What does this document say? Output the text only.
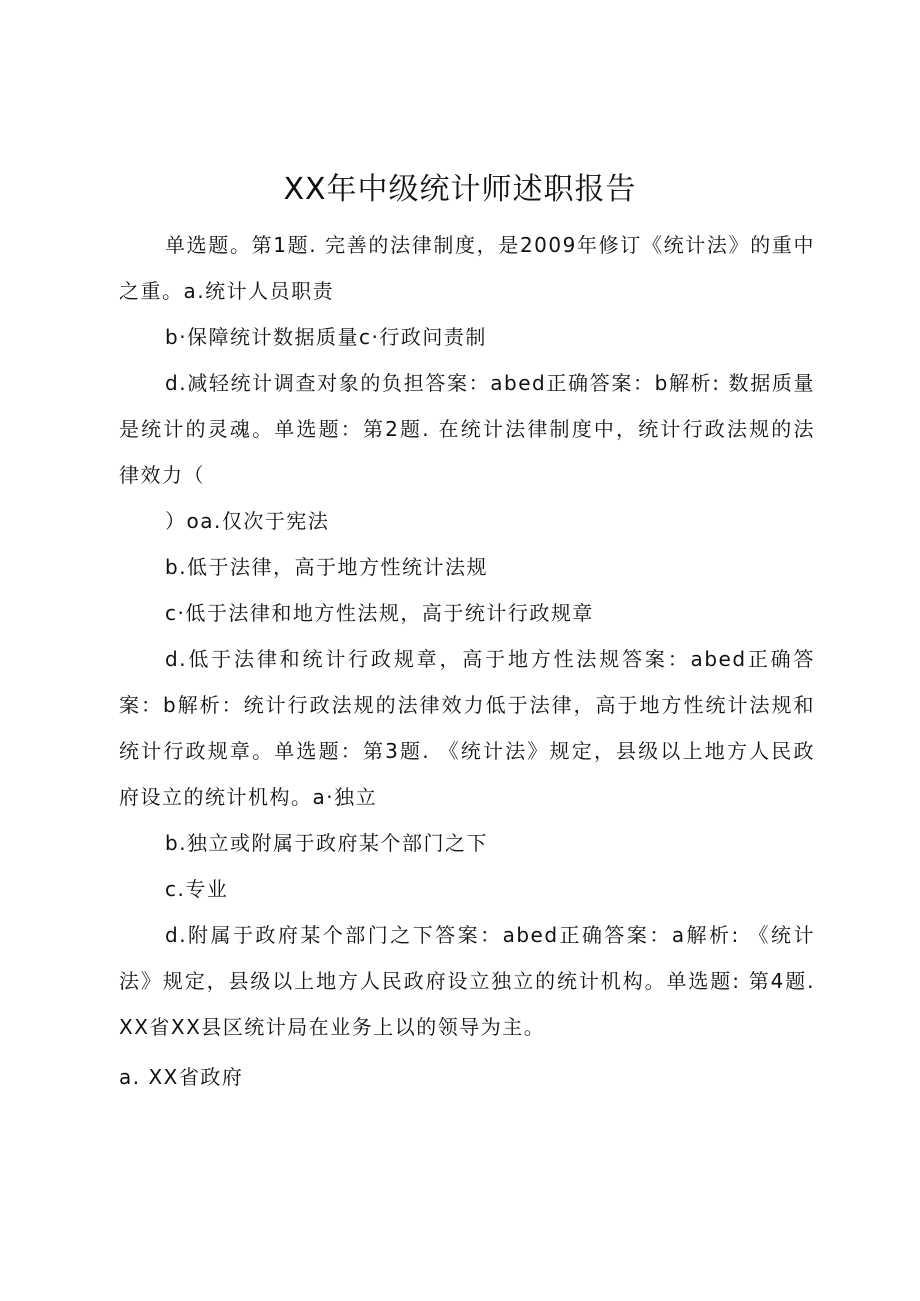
XX年中级统计师述职报告

单选题。第1题. 完善的法律制度，是2009年修订《统计法》的重中之重。a.统计人员职责

b·保障统计数据质量c·行政问责制

d.减轻统计调查对象的负担答案：abed正确答案：b解析: 数据质量是统计的灵魂。单选题：第2题. 在统计法律制度中，统计行政法规的法律效力（

）oa.仅次于宪法

b.低于法律，高于地方性统计法规

c·低于法律和地方性法规，高于统计行政规章

d.低于法律和统计行政规章，高于地方性法规答案：abed正确答案：b解析：统计行政法规的法律效力低于法律，高于地方性统计法规和统计行政规章。单选题：第3题. 《统计法》规定，县级以上地方人民政府设立的统计机构。a·独立

b.独立或附属于政府某个部门之下

c.专业

d.附属于政府某个部门之下答案：abed正确答案：a解析: 《统计法》规定，县级以上地方人民政府设立独立的统计机构。单选题: 第4题.XX省XX县区统计局在业务上以的领导为主。

a. XX省政府
